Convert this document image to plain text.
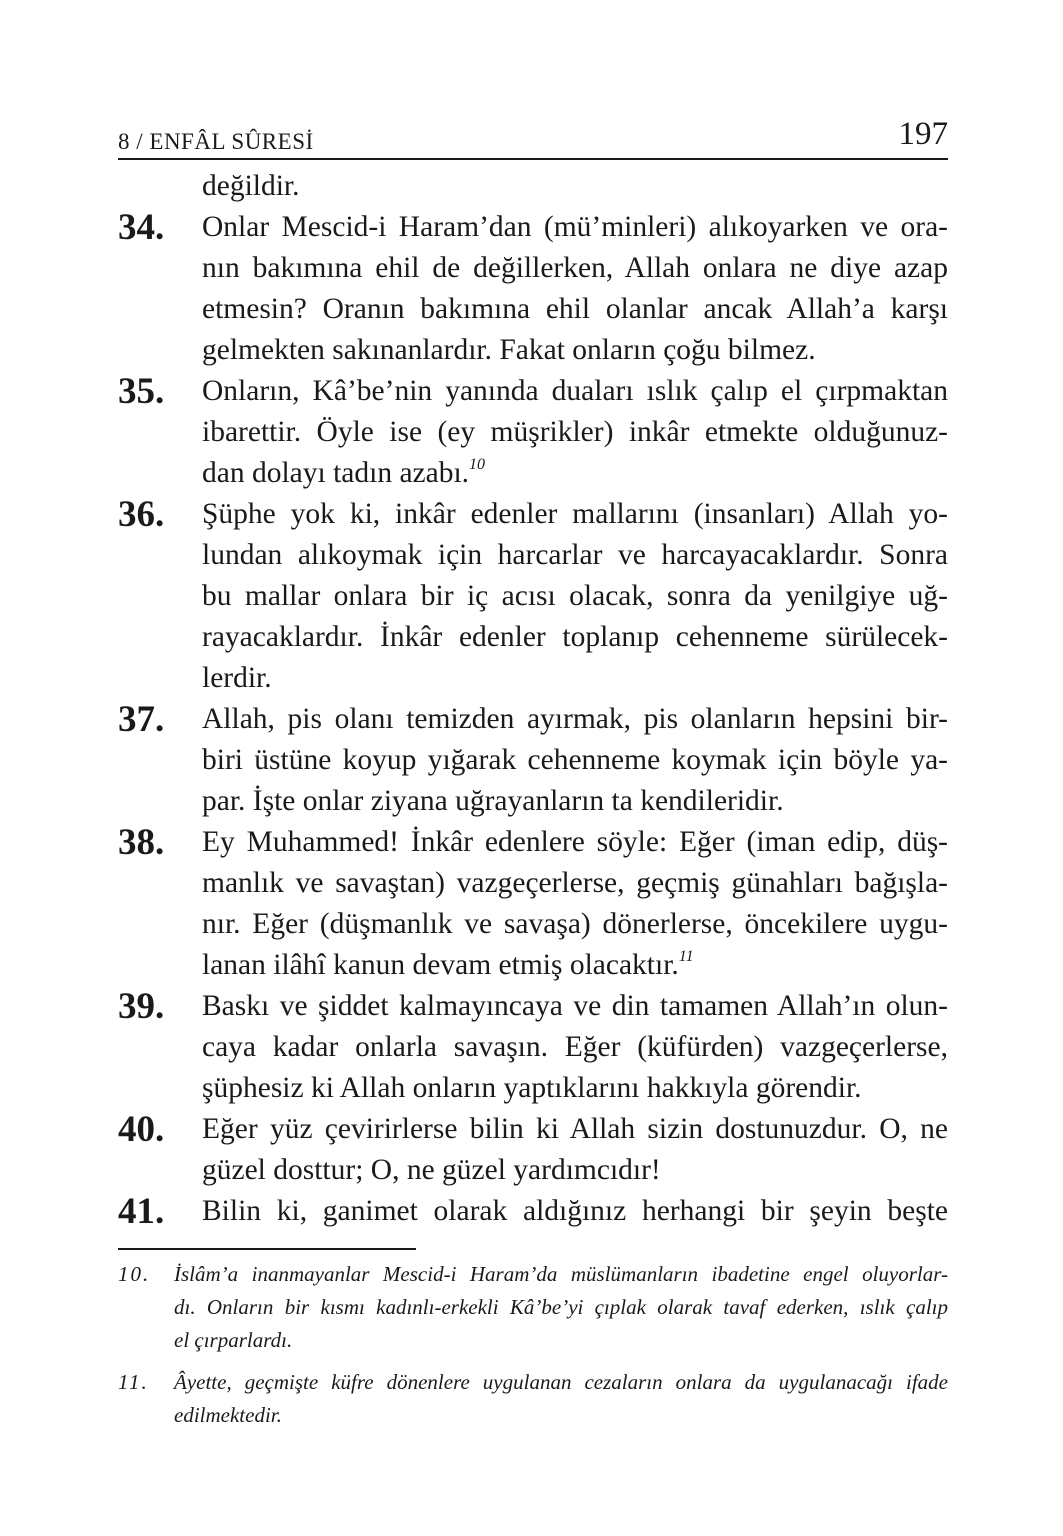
8 / ENFÂL SÛRESİ	197
değildir.
34. Onlar Mescid-i Haram’dan (mü’minleri) alıkoyarken ve ora-
nın bakımına ehil de değillerken, Allah onlara ne diye azap
etmesin? Oranın bakımına ehil olanlar ancak Allah’a karşı
gelmekten sakınanlardır. Fakat onların çoğu bilmez.
35. Onların, Kâ’be’nin yanında duaları ıslık çalıp el çırpmaktan
ibarettir. Öyle ise (ey müşrikler) inkâr etmekte olduğunuz-
dan dolayı tadın azabı.$^{10}$
36. Şüphe yok ki, inkâr edenler mallarını (insanları) Allah yo-
lundan alıkoymak için harcarlar ve harcayacaklardır. Sonra
bu mallar onlara bir iç acısı olacak, sonra da yenilgiye uğ-
rayacaklardır. İnkâr edenler toplanıp cehenneme sürülecek-
lerdir.
37. Allah, pis olanı temizden ayırmak, pis olanların hepsini bir-
biri üstüne koyup yığarak cehenneme koymak için böyle ya-
par. İşte onlar ziyana uğrayanların ta kendileridir.
38. Ey Muhammed! İnkâr edenlere söyle: Eğer (iman edip, düş-
manlık ve savaştan) vazgeçerlerse, geçmiş günahları bağışla-
nır. Eğer (düşmanlık ve savaşa) dönerlerse, öncekilere uygu-
lanan ilâhî kanun devam etmiş olacaktır.$^{11}$
39. Baskı ve şiddet kalmayıncaya ve din tamamen Allah’ın olun-
caya kadar onlarla savaşın. Eğer (küfürden) vazgeçerlerse,
şüphesiz ki Allah onların yaptıklarını hakkıyla görendir.
40. Eğer yüz çevirirlerse bilin ki Allah sizin dostunuzdur. O, ne
güzel dosttur; O, ne güzel yardımcıdır!
41. Bilin ki, ganimet olarak aldığınız herhangi bir şeyin beşte
10. İslâm’a inanmayanlar Mescid-i Haram’da müslümanların ibadetine engel oluyorlar-
dı. Onların bir kısmı kadınlı-erkekli Kâ’be’yi çıplak olarak tavaf ederken, ıslık çalıp
el çırparlardı.
11. Âyette, geçmişte küfre dönenlere uygulanan cezaların onlara da uygulanacağı ifade
edilmektedir.
